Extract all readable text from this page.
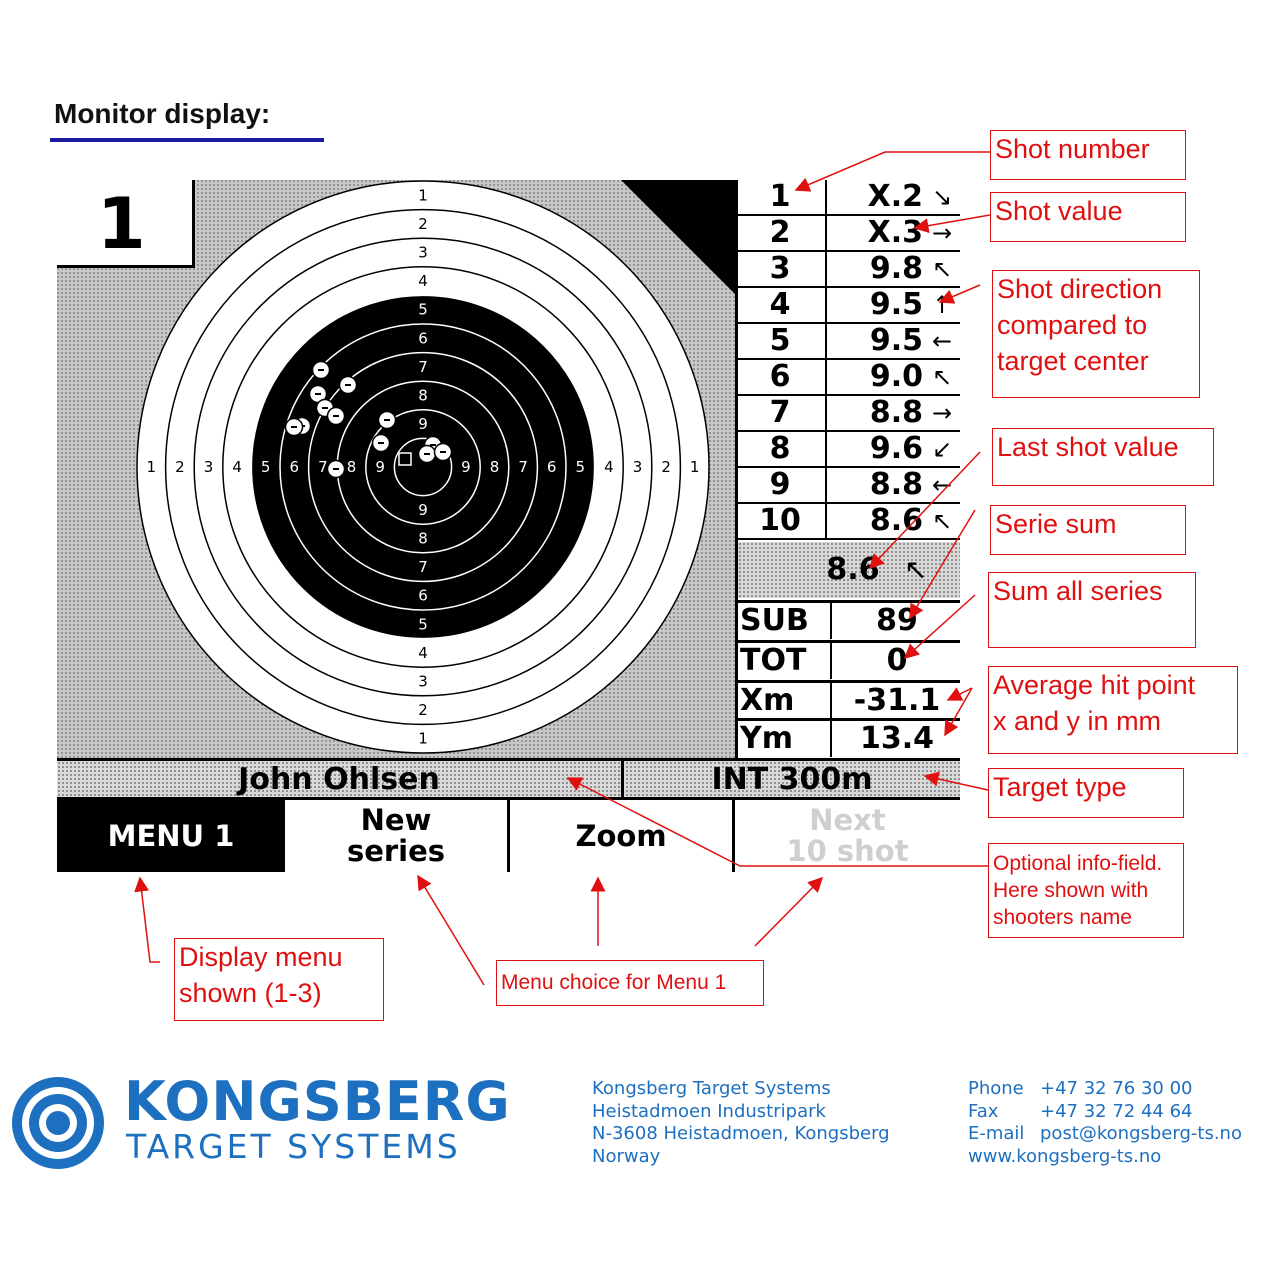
Monitor display:
1
1
1	1
2
2
2	2
3
3
3	3
4
4
4	4
5
5
5	5
6
6
6	6
7
7
7	7
8
8
8	8
9
9
9	9
1	1	X.2 ↘
2	X.3 →
3	9.8 ↖
4	9.5 ↑
5	9.5 ←
6	9.0 ↖
7	8.8 →
8	9.6 ↙
9	8.8 ←
10	8.6 ↖
8.6 ↖
SUB	89
TOT	0
Xm	-31.1
Ym	13.4
John Ohlsen	INT 300m
MENU 1	New
series	Zoom	Next
10 shot
Shot number
Shot value
Shot direction
compared to
target center
Last shot value
Serie sum
Sum all series
Average hit point
x and y in mm
Target type
Optional info-field.
Here shown with
shooters name
Display menu
shown (1-3)	Menu choice for Menu 1
KONGSBERG
TARGET SYSTEMS
Kongsberg Target Systems
Heistadmoen Industripark
N-3608 Heistadmoen, Kongsberg
Norway
Phone +47 32 76 30 00
Fax +47 32 72 44 64
E-mail post@kongsberg-ts.no
www.kongsberg-ts.no
